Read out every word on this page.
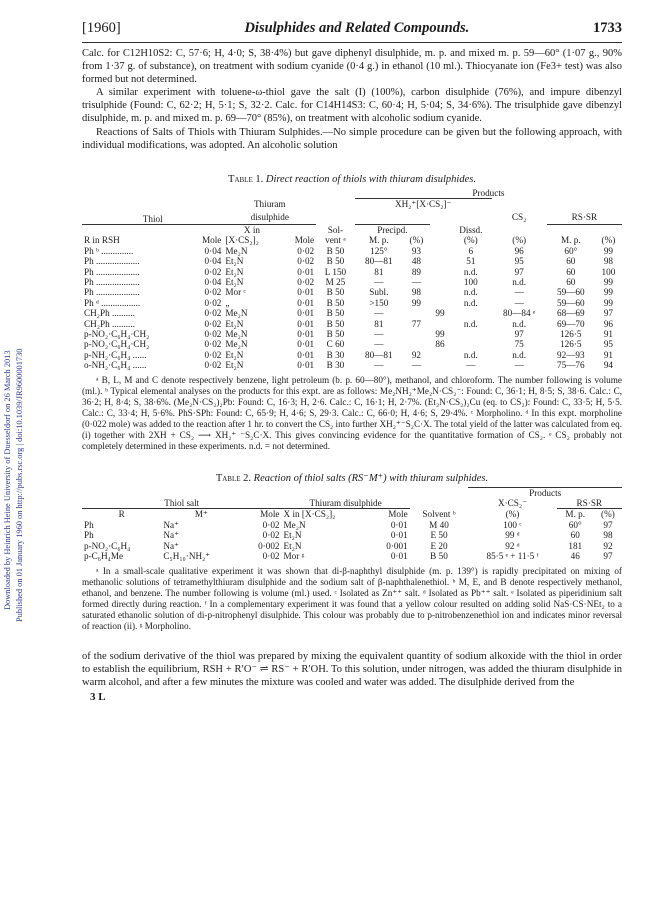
Downloaded by Heinrich Heine University of Duesseldorf on 26 March 2013 Published on 01 January 1960 on http://pubs.rsc.org | doi:10.1039/JR9600001730
[1960]	Disulphides and Related Compounds.	1733

Calc. for C12H10S2: C, 57·6; H, 4·0; S, 38·4%) but gave diphenyl disulphide, m. p. and mixed m. p. 59—60° (1·07 g., 90% from 1·37 g. of substance), on treatment with sodium cyanide (0·4 g.) in ethanol (10 ml.). Thiocyanate ion (Fe3+ test) was also formed but not determined.

A similar experiment with toluene-ω-thiol gave the salt (I) (100%), carbon disulphide (76%), and impure dibenzyl trisulphide (Found: C, 62·2; H, 5·1; S, 32·2. Calc. for C14H14S3: C, 60·4; H, 5·04; S, 34·6%). The trisulphide gave dibenzyl disulphide, m. p. and mixed m. p. 69—70° (85%), on treatment with alcoholic sodium cyanide.

Reactions of Salts of Thiols with Thiuram Sulphides.—No simple procedure can be given but the following approach, with individual modifications, was adopted. An alcoholic solution

Table 1. Direct reaction of thiols with thiuram disulphides.

					Products						
		Thiuram			XH₂⁺[X·CS₂]⁻						
Thiol		disulphide							CS₂	RS·SR	
		X in		Sol-	Precipd.			Dissd.			
R in RSH	Mole	[X·CS₂]₂	Mole	vent ᵃ	M. p.	(%)		(%)	(%)	M. p.	(%)
Ph ᵇ ..............	0·04	Me₂N	0·02	B 50	125°	93		6	96	60°	99
Ph ...................	0·04	Et₂N	0·02	B 50	80—81	48		51	95	60	98
Ph ...................	0·02	Et₂N	0·01	L 150	81	89		n.d.	97	60	100
Ph ...................	0·04	Et₂N	0·02	M 25	—	—		100	n.d.	60	99
Ph ...................	0·02	Mor ᶜ	0·01	B 50	Subl.	98		n.d.	—	59—60	99
Ph ᵈ .................	0·02	„	0·01	B 50	>150	99		n.d.	—	59—60	99
CH₂Ph ..........	0·02	Me₂N	0·01	B 50	—		99		80—84 ᵉ	68—69	97
CH₂Ph ..........	0·02	Et₂N	0·01	B 50	81	77		n.d.	n.d.	69—70	96
p-NO₂·C₆H₄·CH₂	0·02	Me₂N	0·01	B 50	—		99		97	126·5	91
p-NO₂·C₆H₄·CH₂	0·02	Me₂N	0·01	C 60	—		86		75	126·5	95
p-NH₂·C₆H₄ ......	0·02	Et₂N	0·01	B 30	80—81	92		n.d.	n.d.	92—93	91
o-NH₂·C₆H₄ ......	0·02	Et₂N	0·01	B 30	—	—		—	—	75—76	94

ᵃ B, L, M and C denote respectively benzene, light petroleum (b. p. 60—80°), methanol, and chloroform. The number following is volume (ml.). ᵇ Typical elemental analyses on the products for this expt. are as follows: Me₂NH₂⁺Me₂N·CS₂⁻: Found: C, 36·1; H, 8·5; S, 38·6. Calc.: C, 36·2; H, 8·4; S, 38·6%. (Me₂N·CS₂)₂Pb: Found: C, 16·3; H, 2·6. Calc.: C, 16·1; H, 2·7%. (Et₂N·CS₂)₂Cu (eq. to CS₂): Found: C, 33·5; H, 5·5. Calc.: C, 33·4; H, 5·6%. PhS·SPh: Found: C, 65·9; H, 4·6; S, 29·3. Calc.: C, 66·0; H, 4·6; S, 29·4%. ᶜ Morpholino. ᵈ In this expt. morpholine (0·022 mole) was added to the reaction after 1 hr. to convert the CS₂ into further XH₂⁺⁻S₂C·X. The total yield of the latter was calculated from eq. (i) together with 2XH + CS₂ ⟶ XH₂⁺ ⁻S₂C·X. This gives convincing evidence for the quantitative formation of CS₂. ᵉ CS₂ probably not completely determined in these experiments. n.d. = not determined.

Table 2. Reaction of thiol salts (RS⁻M⁺) with thiuram sulphides.

						Products		
Thiol salt			Thiuram disulphide			X·CS₂⁻	RS·SR	
R	M⁺	Mole	X in [X·CS₂]₂	Mole	Solvent ᵇ	(%)	M. p.	(%)
Ph	Na⁺	0·02	Me₂N	0·01	M 40	100 ᶜ	60°	97
Ph	Na⁺	0·02	Et₂N	0·01	E 50	99 ᵈ	60	98
p-NO₂·C₆H₄	Na⁺	0·002	Et₂N	0·001	E 20	92 ᵈ	181	92
p-C₆H₄Me	C₅H₁₀·NH₂⁺	0·02	Mor ᵍ	0·01	B 50	85·5 ᵉ + 11·5 ᶠ	46	97

ᵃ In a small-scale qualitative experiment it was shown that di-β-naphthyl disulphide (m. p. 139°) is rapidly precipitated on mixing of methanolic solutions of tetramethylthiuram disulphide and the sodium salt of β-naphthalenethiol. ᵇ M, E, and B denote respectively methanol, ethanol, and benzene. The number following is volume (ml.) used. ᶜ Isolated as Zn⁺⁺ salt. ᵈ Isolated as Pb⁺⁺ salt. ᵉ Isolated as piperidinium salt formed directly during reaction. ᶠ In a complementary experiment it was found that a yellow colour resulted on adding solid NaS·CS·NEt₂ to a saturated ethanolic solution of di-p-nitrophenyl disulphide. This colour was probably due to p-nitrobenzenethiol ion and indicates minor reversal of reaction (ii). ᵍ Morpholino.

of the sodium derivative of the thiol was prepared by mixing the equivalent quantity of sodium alkoxide with the thiol in order to establish the equilibrium, RSH + R′O⁻ ⇌ RS⁻ + R′OH. To this solution, under nitrogen, was added the thiuram disulphide in warm alcohol, and after a few minutes the mixture was cooled and water was added. The disulphide derived from the

3 L
